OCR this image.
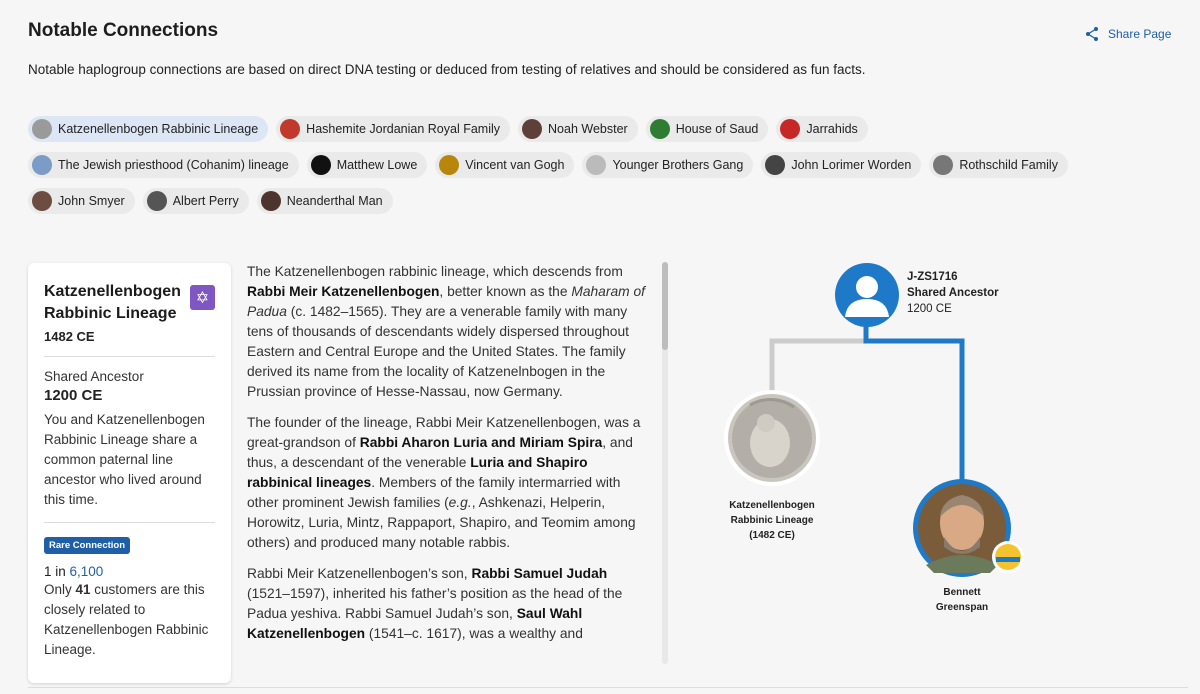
Notable Connections	Share Page
Notable haplogroup connections are based on direct DNA testing or deduced from testing of relatives and should be considered as fun facts.
Katzenellenbogen Rabbinic Lineage	Hashemite Jordanian Royal Family	Noah Webster	House of Saud	Jarrahids
The Jewish priesthood (Cohanim) lineage	Matthew Lowe	Vincent van Gogh	Younger Brothers Gang	John Lorimer Worden	Rothschild Family
John Smyer	Albert Perry	Neanderthal Man
Katzenellenbogen Rabbinic Lineage
✡
1482 CE
Shared Ancestor
1200 CE
You and Katzenellenbogen Rabbinic Lineage share a common paternal line ancestor who lived around this time.
Rare Connection
1 in 6,100
Only 41 customers are this closely related to Katzenellenbogen Rabbinic Lineage.

The Katzenellenbogen rabbinic lineage, which descends from Rabbi Meir Katzenellenbogen, better known as the Maharam of Padua (c. 1482–1565). They are a venerable family with many tens of thousands of descendants widely dispersed throughout Eastern and Central Europe and the United States. The family derived its name from the locality of Katzenelnbogen in the Prussian province of Hesse-Nassau, now Germany.

The founder of the lineage, Rabbi Meir Katzenellenbogen, was a great-grandson of Rabbi Aharon Luria and Miriam Spira, and thus, a descendant of the venerable Luria and Shapiro rabbinical lineages. Members of the family intermarried with other prominent Jewish families (e.g., Ashkenazi, Helperin, Horowitz, Luria, Mintz, Rappaport, Shapiro, and Teomim among others) and produced many notable rabbis.

Rabbi Meir Katzenellenbogen’s son, Rabbi Samuel Judah (1521–1597), inherited his father’s position as the head of the Padua yeshiva. Rabbi Samuel Judah’s son, Saul Wahl Katzenellenbogen (1541–c. 1617), was a wealthy and

J-ZS1716
Shared Ancestor
1200 CE
Katzenellenbogen
Rabbinic Lineage
(1482 CE)
Bennett
Greenspan
